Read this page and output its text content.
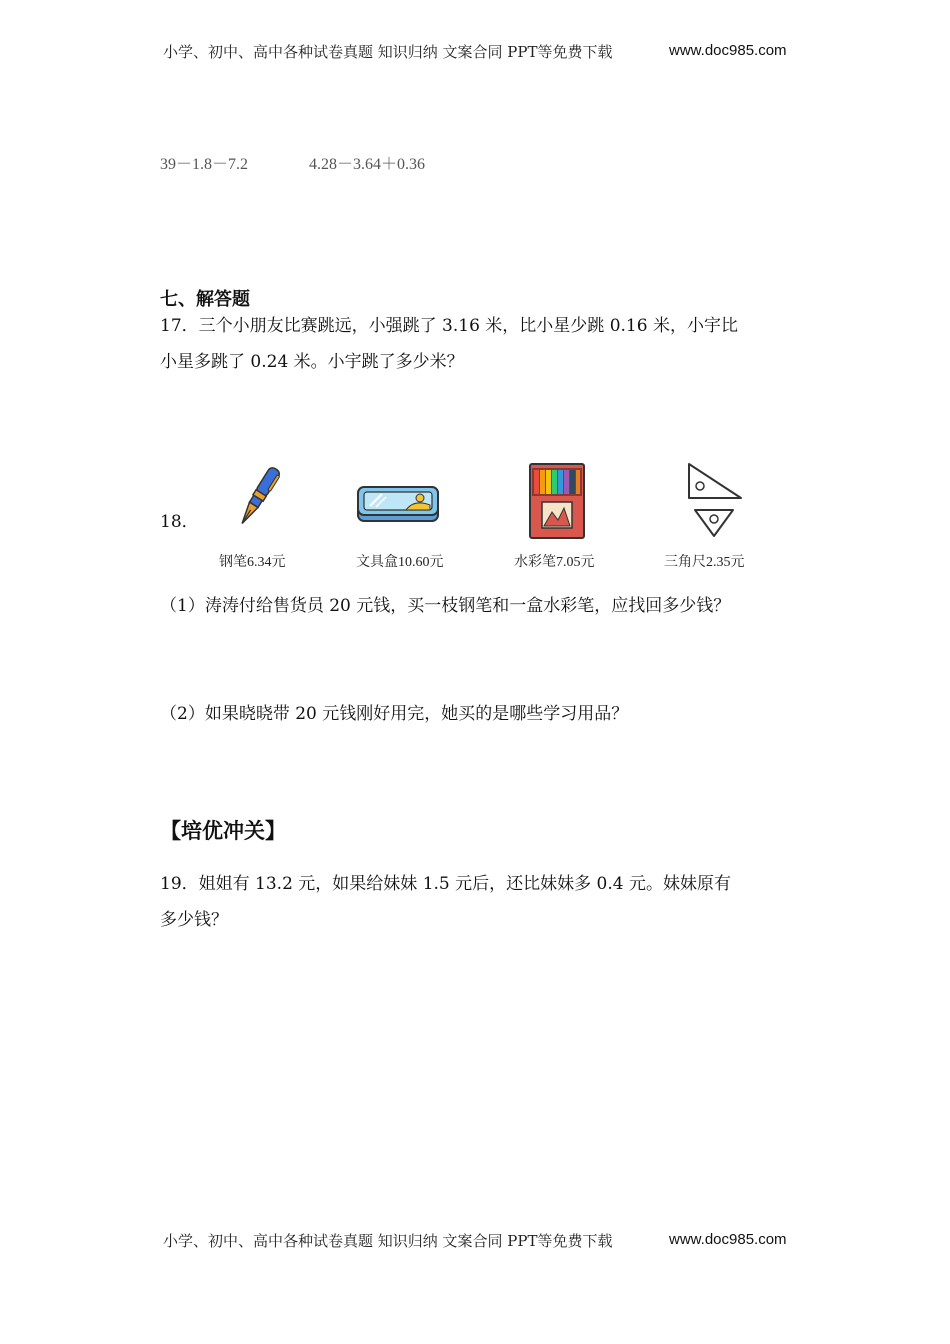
小学、初中、高中各种试卷真题 知识归纳 文案合同 PPT等免费下载	www.doc985.com
39－1.8－7.2	4.28－3.64＋0.36
七、解答题
17．三个小朋友比赛跳远，小强跳了 3.16 米，比小星少跳 0.16 米，小宇比
小星多跳了 0.24 米。小宇跳了多少米？
18．
钢笔6.34元	文具盒10.60元	水彩笔7.05元	三角尺2.35元
（1）涛涛付给售货员 20 元钱，买一枝钢笔和一盒水彩笔，应找回多少钱？
（2）如果晓晓带 20 元钱刚好用完，她买的是哪些学习用品？
【培优冲关】
19．姐姐有 13.2 元，如果给妹妹 1.5 元后，还比妹妹多 0.4 元。妹妹原有
多少钱？
小学、初中、高中各种试卷真题 知识归纳 文案合同 PPT等免费下载	www.doc985.com
